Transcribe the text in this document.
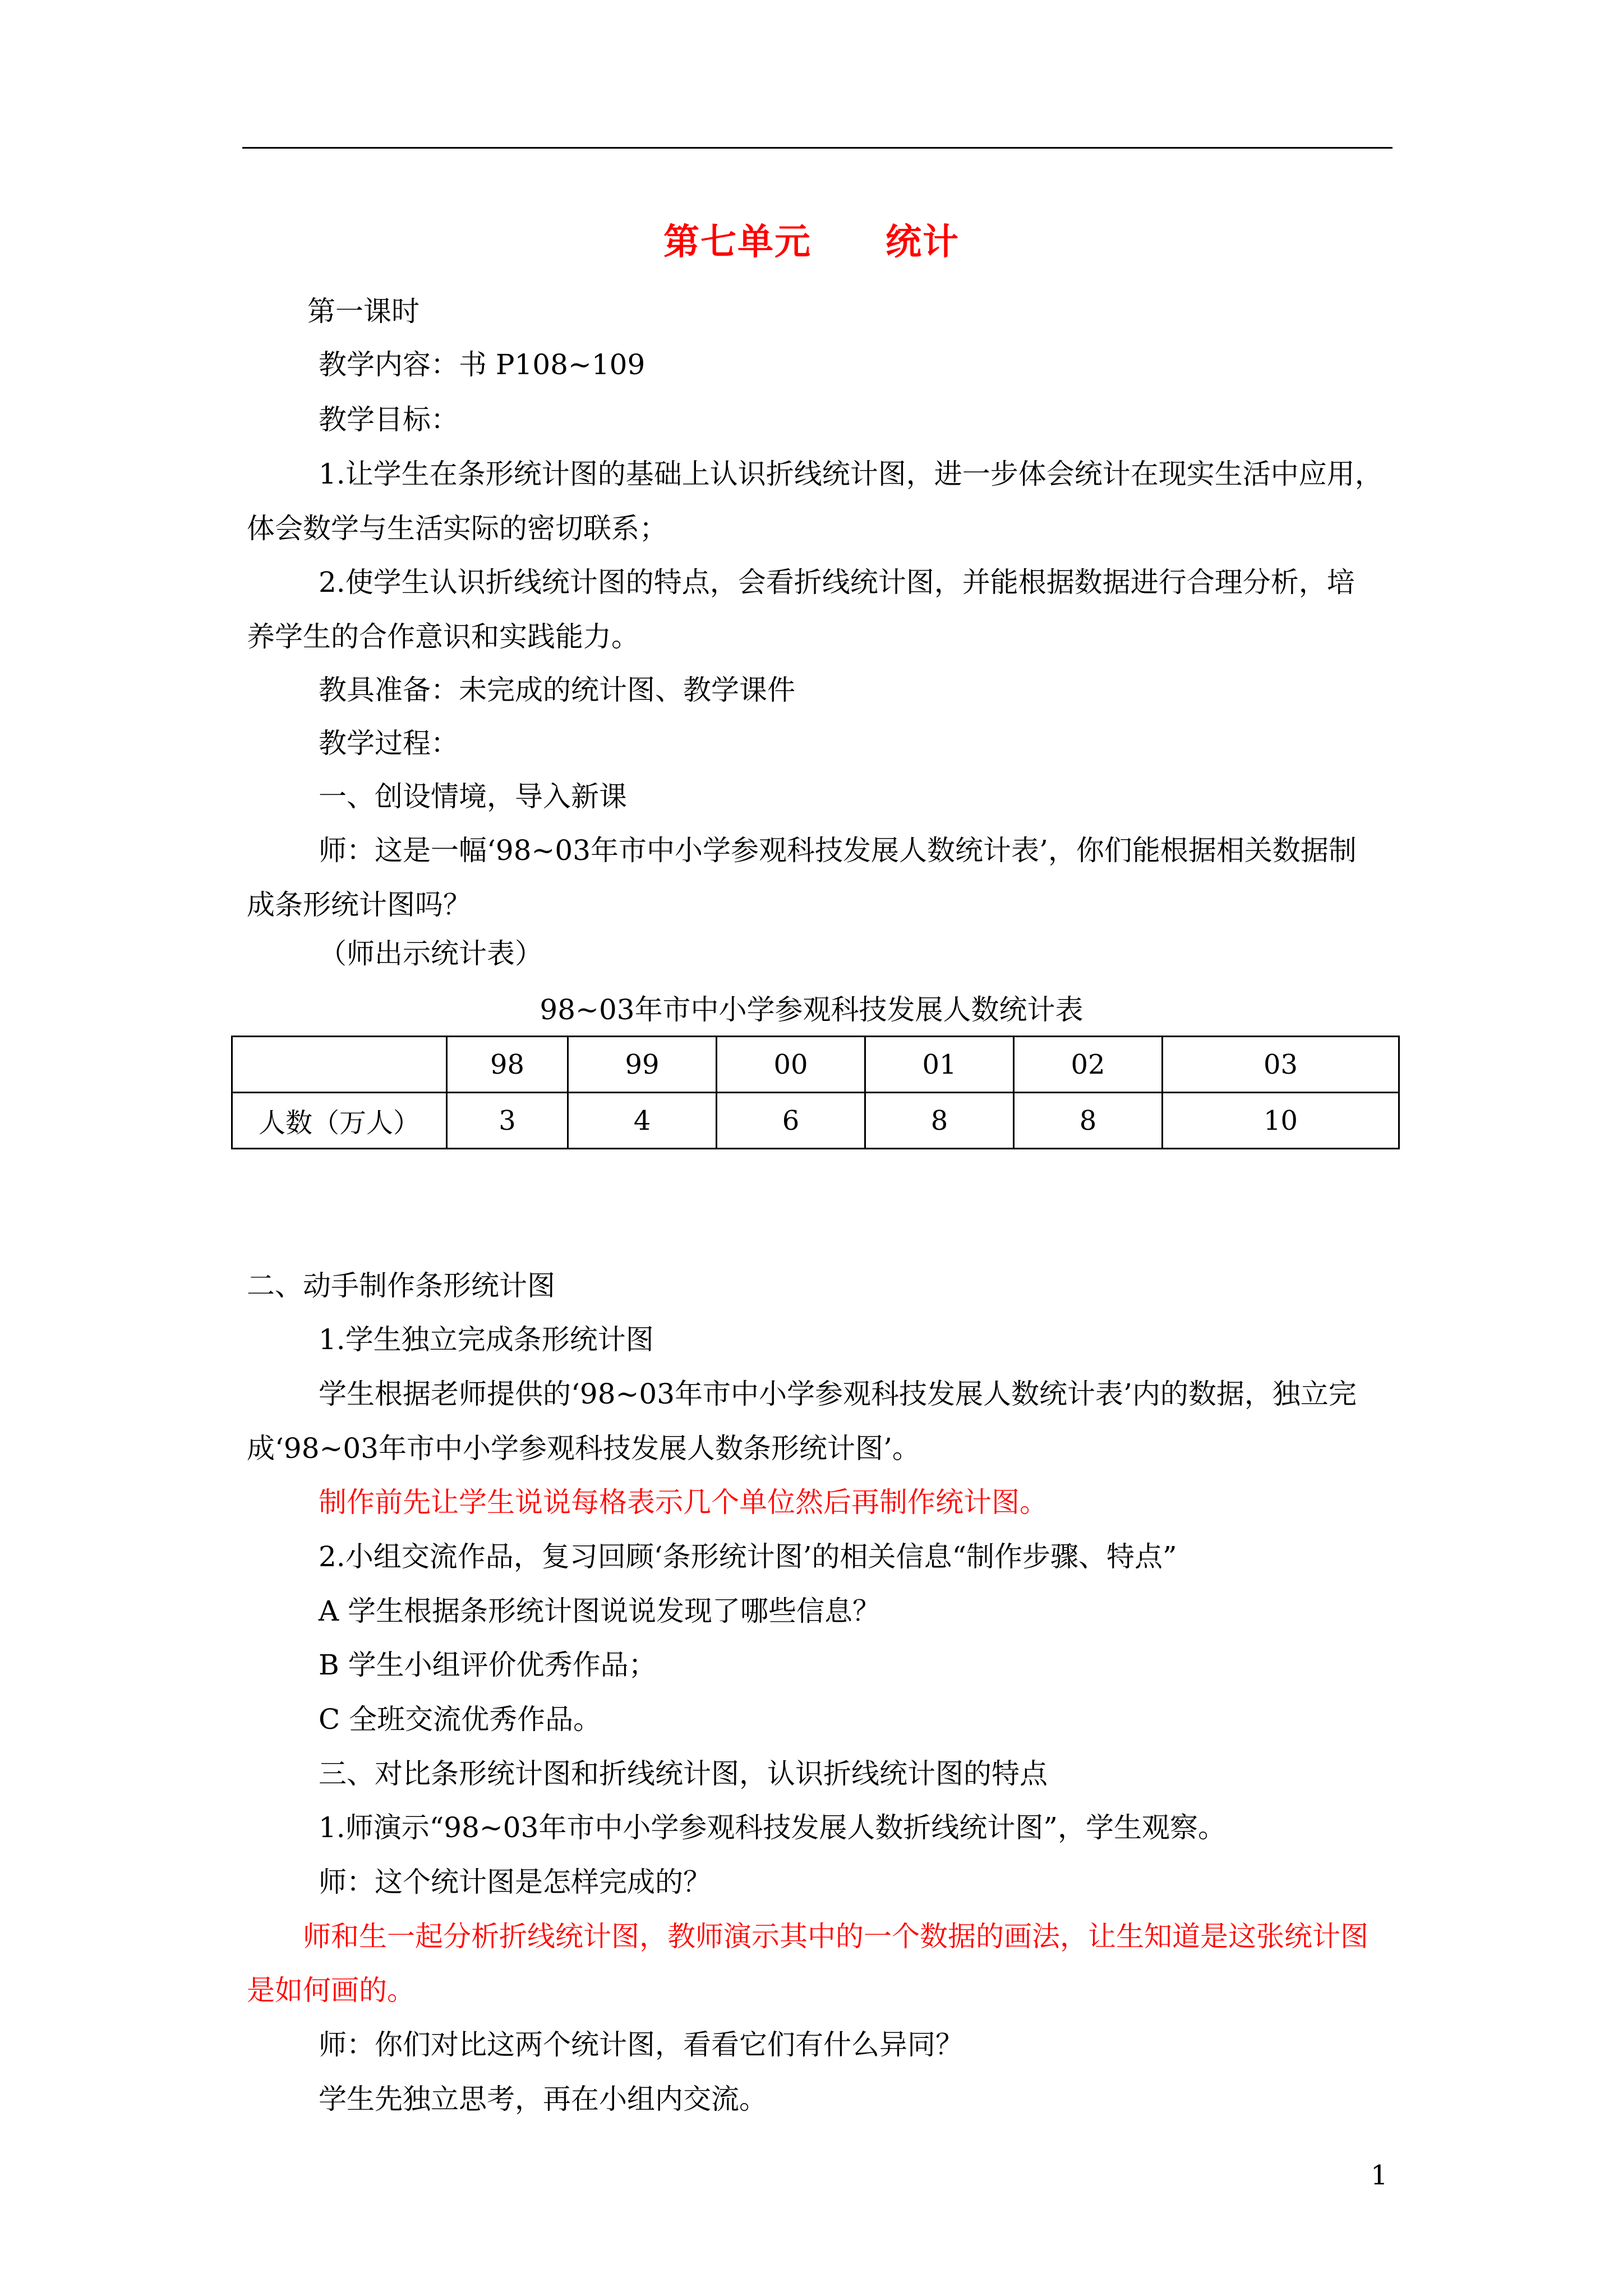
第七单元　　统计
第一课时
教学内容：书 P108~109
教学目标：
1.让学生在条形统计图的基础上认识折线统计图，进一步体会统计在现实生活中应用，
体会数学与生活实际的密切联系；
2.使学生认识折线统计图的特点，会看折线统计图，并能根据数据进行合理分析，培
养学生的合作意识和实践能力。
教具准备：未完成的统计图、教学课件
教学过程：
一、创设情境，导入新课
师：这是一幅‘98~03年市中小学参观科技发展人数统计表’，你们能根据相关数据制
成条形统计图吗？
（师出示统计表）
98~03年市中小学参观科技发展人数统计表
	98	99	00	01	02	03
人数（万人）	3	4	6	8	8	10
二、动手制作条形统计图
1.学生独立完成条形统计图
学生根据老师提供的‘98~03年市中小学参观科技发展人数统计表’内的数据，独立完
成‘98~03年市中小学参观科技发展人数条形统计图’。
制作前先让学生说说每格表示几个单位然后再制作统计图。
2.小组交流作品，复习回顾‘条形统计图’的相关信息“制作步骤、特点”
A 学生根据条形统计图说说发现了哪些信息？
B 学生小组评价优秀作品；
C 全班交流优秀作品。
三、对比条形统计图和折线统计图，认识折线统计图的特点
1.师演示“98~03年市中小学参观科技发展人数折线统计图”，学生观察。
师：这个统计图是怎样完成的？
师和生一起分析折线统计图，教师演示其中的一个数据的画法，让生知道是这张统计图
是如何画的。
师：你们对比这两个统计图，看看它们有什么异同？
学生先独立思考，再在小组内交流。
1
